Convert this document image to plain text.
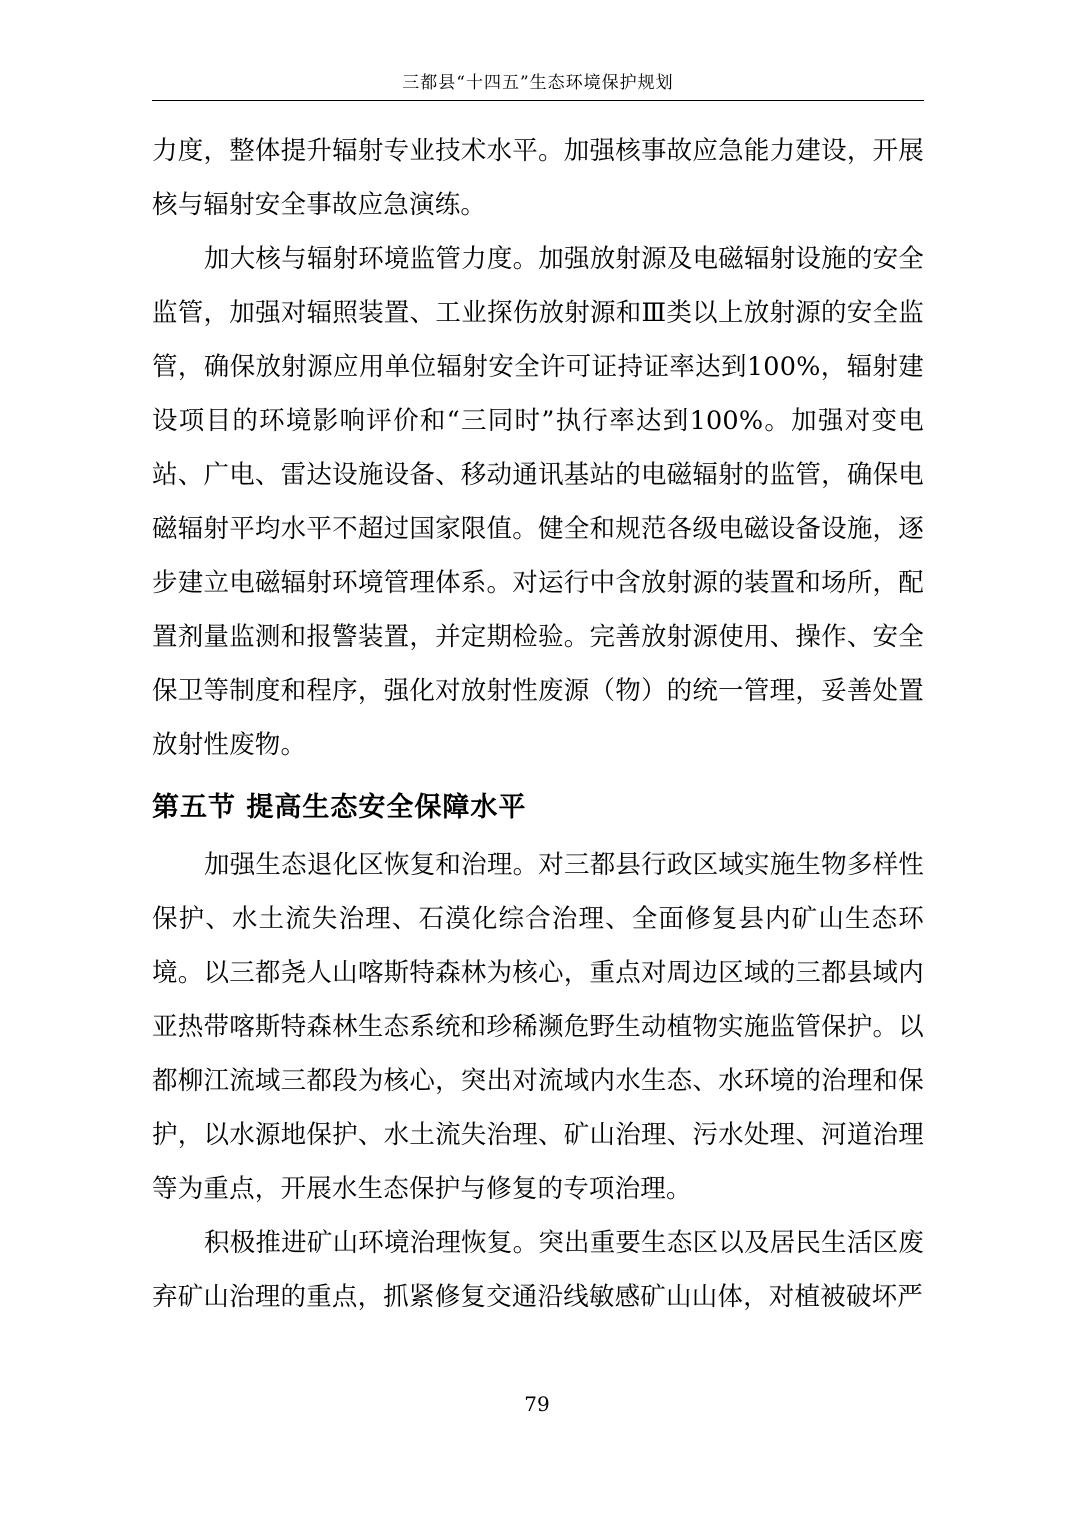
三都县“十四五”生态环境保护规划

力度，整体提升辐射专业技术水平。加强核事故应急能力建设，开展核与辐射安全事故应急演练。

加大核与辐射环境监管力度。加强放射源及电磁辐射设施的安全监管，加强对辐照装置、工业探伤放射源和Ⅲ类以上放射源的安全监管，确保放射源应用单位辐射安全许可证持证率达到100%，辐射建设项目的环境影响评价和“三同时”执行率达到100%。加强对变电站、广电、雷达设施设备、移动通讯基站的电磁辐射的监管，确保电磁辐射平均水平不超过国家限值。健全和规范各级电磁设备设施，逐步建立电磁辐射环境管理体系。对运行中含放射源的装置和场所，配置剂量监测和报警装置，并定期检验。完善放射源使用、操作、安全保卫等制度和程序，强化对放射性废源（物）的统一管理，妥善处置放射性废物。

第五节 提高生态安全保障水平

加强生态退化区恢复和治理。对三都县行政区域实施生物多样性保护、水土流失治理、石漠化综合治理、全面修复县内矿山生态环境。以三都尧人山喀斯特森林为核心，重点对周边区域的三都县域内亚热带喀斯特森林生态系统和珍稀濒危野生动植物实施监管保护。以都柳江流域三都段为核心，突出对流域内水生态、水环境的治理和保护，以水源地保护、水土流失治理、矿山治理、污水处理、河道治理等为重点，开展水生态保护与修复的专项治理。

积极推进矿山环境治理恢复。突出重要生态区以及居民生活区废弃矿山治理的重点，抓紧修复交通沿线敏感矿山山体，对植被破坏严

79
